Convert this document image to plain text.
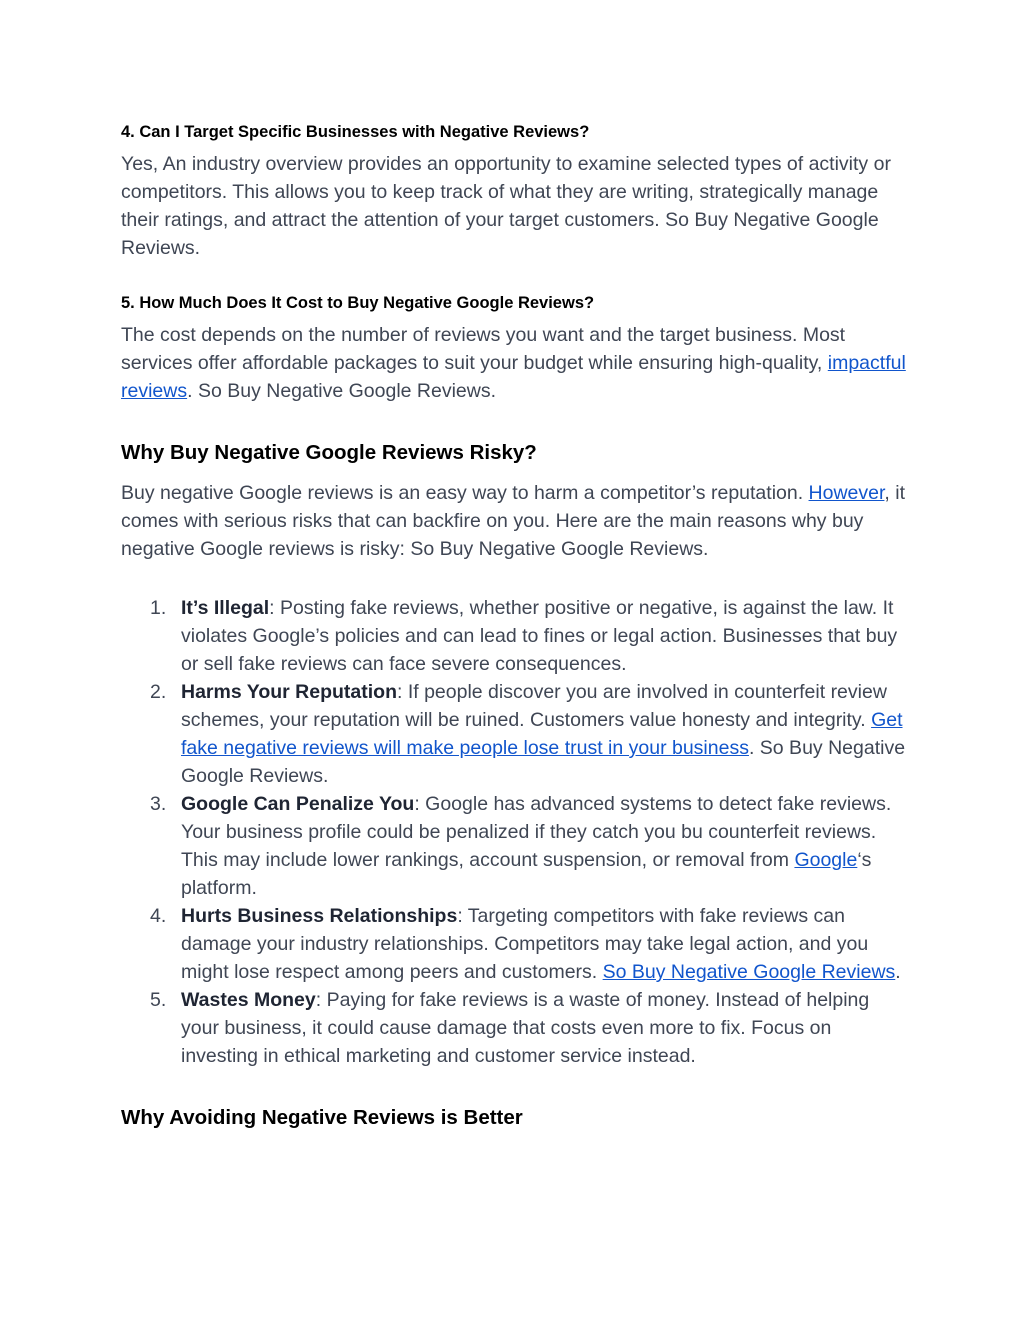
4. Can I Target Specific Businesses with Negative Reviews?

Yes, An industry overview provides an opportunity to examine selected types of activity or competitors. This allows you to keep track of what they are writing, strategically manage their ratings, and attract the attention of your target customers. So Buy Negative Google Reviews.

5. How Much Does It Cost to Buy Negative Google Reviews?

The cost depends on the number of reviews you want and the target business. Most services offer affordable packages to suit your budget while ensuring high-quality, impactful reviews. So Buy Negative Google Reviews.

Why Buy Negative Google Reviews Risky?

Buy negative Google reviews is an easy way to harm a competitor’s reputation. However, it comes with serious risks that can backfire on you. Here are the main reasons why buy negative Google reviews is risky: So Buy Negative Google Reviews.

1. It’s Illegal: Posting fake reviews, whether positive or negative, is against the law. It violates Google’s policies and can lead to fines or legal action. Businesses that buy or sell fake reviews can face severe consequences.
2. Harms Your Reputation: If people discover you are involved in counterfeit review schemes, your reputation will be ruined. Customers value honesty and integrity. Get fake negative reviews will make people lose trust in your business. So Buy Negative Google Reviews.
3. Google Can Penalize You: Google has advanced systems to detect fake reviews. Your business profile could be penalized if they catch you bu counterfeit reviews. This may include lower rankings, account suspension, or removal from Google‘s platform.
4. Hurts Business Relationships: Targeting competitors with fake reviews can damage your industry relationships. Competitors may take legal action, and you might lose respect among peers and customers. So Buy Negative Google Reviews.
5. Wastes Money: Paying for fake reviews is a waste of money. Instead of helping your business, it could cause damage that costs even more to fix. Focus on investing in ethical marketing and customer service instead.
Why Avoiding Negative Reviews is Better
